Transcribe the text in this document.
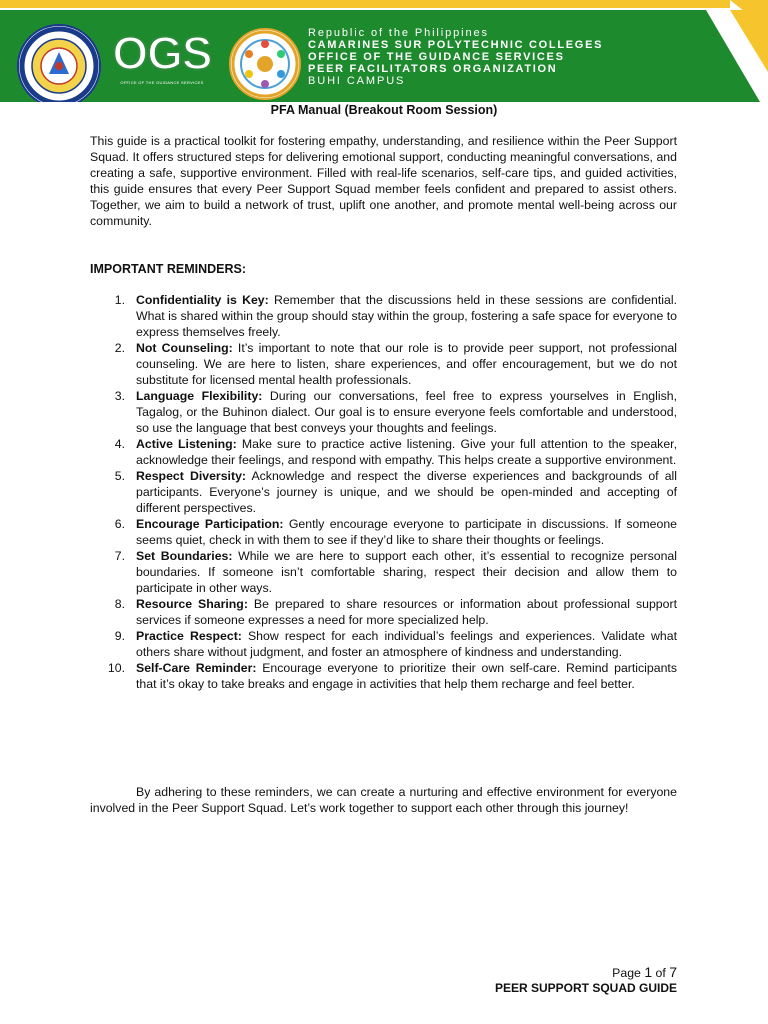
OGS
OFFICE OF THE GUIDANCE SERVICES
Republic of the Philippines
CAMARINES SUR POLYTECHNIC COLLEGES
OFFICE OF THE GUIDANCE SERVICES
PEER FACILITATORS ORGANIZATION
BUHI CAMPUS
PFA Manual (Breakout Room Session)

This guide is a practical toolkit for fostering empathy, understanding, and resilience within the Peer Support Squad. It offers structured steps for delivering emotional support, conducting meaningful conversations, and creating a safe, supportive environment. Filled with real-life scenarios, self-care tips, and guided activities, this guide ensures that every Peer Support Squad member feels confident and prepared to assist others. Together, we aim to build a network of trust, uplift one another, and promote mental well-being across our community.

IMPORTANT REMINDERS:
1. Confidentiality is Key: Remember that the discussions held in these sessions are confidential. What is shared within the group should stay within the group, fostering a safe space for everyone to express themselves freely.
2. Not Counseling: It’s important to note that our role is to provide peer support, not professional counseling. We are here to listen, share experiences, and offer encouragement, but we do not substitute for licensed mental health professionals.
3. Language Flexibility: During our conversations, feel free to express yourselves in English, Tagalog, or the Buhinon dialect. Our goal is to ensure everyone feels comfortable and understood, so use the language that best conveys your thoughts and feelings.
4. Active Listening: Make sure to practice active listening. Give your full attention to the speaker, acknowledge their feelings, and respond with empathy. This helps create a supportive environment.
5. Respect Diversity: Acknowledge and respect the diverse experiences and backgrounds of all participants. Everyone’s journey is unique, and we should be open-minded and accepting of different perspectives.
6. Encourage Participation: Gently encourage everyone to participate in discussions. If someone seems quiet, check in with them to see if they’d like to share their thoughts or feelings.
7. Set Boundaries: While we are here to support each other, it’s essential to recognize personal boundaries. If someone isn’t comfortable sharing, respect their decision and allow them to participate in other ways.
8. Resource Sharing: Be prepared to share resources or information about professional support services if someone expresses a need for more specialized help.
9. Practice Respect: Show respect for each individual’s feelings and experiences. Validate what others share without judgment, and foster an atmosphere of kindness and understanding.
10. Self-Care Reminder: Encourage everyone to prioritize their own self-care. Remind participants that it’s okay to take breaks and engage in activities that help them recharge and feel better.

By adhering to these reminders, we can create a nurturing and effective environment for everyone involved in the Peer Support Squad. Let’s work together to support each other through this journey!

Page 1 of 7
PEER SUPPORT SQUAD GUIDE
